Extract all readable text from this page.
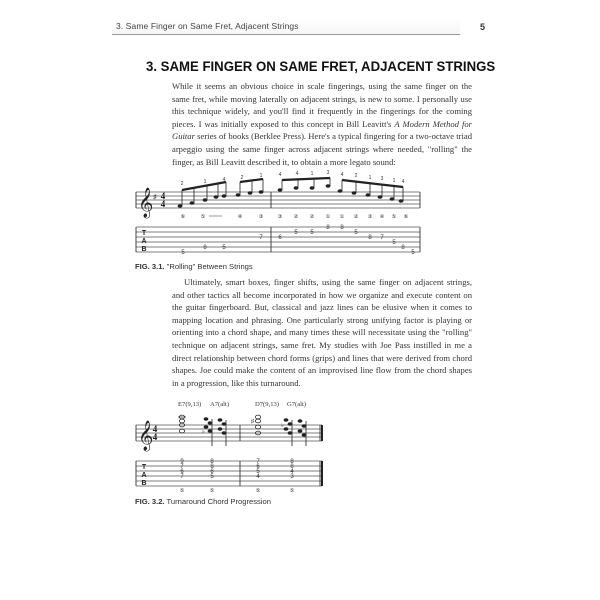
3. Same Finger on Same Fret, Adjacent Strings	5
3. SAME FINGER ON SAME FRET, ADJACENT STRINGS
While it seems an obvious choice in scale fingerings, using the same finger on the same fret, while moving laterally on adjacent strings, is new to some. I personally use this technique widely, and you'll find it frequently in the fingerings for the coming pieces. I was initially exposed to this concept in Bill Leavitt's A Modern Method for Guitar series of books (Berklee Press). Here's a typical fingering for a two-octave triad arpeggio using the same finger across adjacent strings where needed, "rolling" the finger, as Bill Leavitt described it, to obtain a more legato sound:
𝄞 ♯ 4
4
2	1	4	2	1	4	4 1	3 4 2 1 3 1 4
⑥	⑤	④	③	③ ② ② ① ① ② ③ ④ ⑤ ⑥
T
A
B	5
8	5
7	6
5 5
8 8
5
8 7
5
8
5
E7(9,13) A7(alt)	D7(9,13) G7(alt)
𝄞 4
4	♭
♯
♭
T
A
B
9
7
6
7
8
8
6
5
7
6
5
4
8
8
4
3
⑤	⑤	⑤	⑤
FIG. 3.1. "Rolling" Between Strings
Ultimately, smart boxes, finger shifts, using the same finger on adjacent strings, and other tactics all become incorporated in how we organize and execute content on the guitar fingerboard. But, classical and jazz lines can be elusive when it comes to mapping location and phrasing. One particularly strong unifying factor is playing or orienting into a chord shape, and many times these will necessitate using the "rolling" technique on adjacent strings, same fret. My studies with Joe Pass instilled in me a direct relationship between chord forms (grips) and lines that were derived from chord shapes. Joe could make the content of an improvised line flow from the chord shapes in a progression, like this turnaround.
FIG. 3.2. Turnaround Chord Progression
